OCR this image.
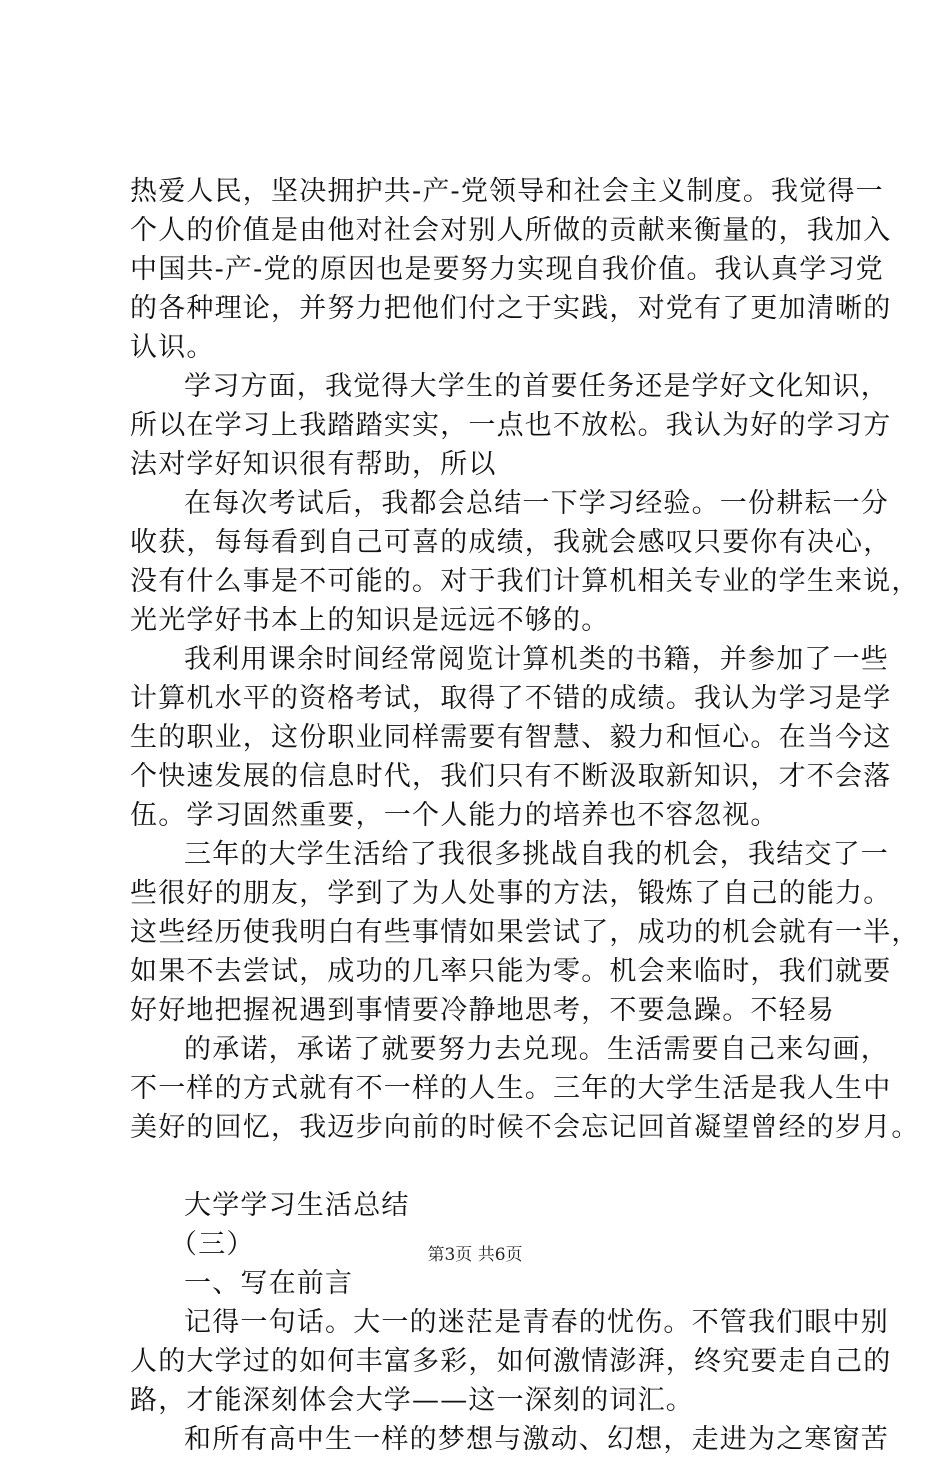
热爱人民，坚决拥护共-产-党领导和社会主义制度。我觉得一
个人的价值是由他对社会对别人所做的贡献来衡量的，我加入
中国共-产-党的原因也是要努力实现自我价值。我认真学习党
的各种理论，并努力把他们付之于实践，对党有了更加清晰的
认识。
学习方面，我觉得大学生的首要任务还是学好文化知识，
所以在学习上我踏踏实实，一点也不放松。我认为好的学习方
法对学好知识很有帮助，所以
在每次考试后，我都会总结一下学习经验。一份耕耘一分
收获，每每看到自己可喜的成绩，我就会感叹只要你有决心，
没有什么事是不可能的。对于我们计算机相关专业的学生来说，
光光学好书本上的知识是远远不够的。
我利用课余时间经常阅览计算机类的书籍，并参加了一些
计算机水平的资格考试，取得了不错的成绩。我认为学习是学
生的职业，这份职业同样需要有智慧、毅力和恒心。在当今这
个快速发展的信息时代，我们只有不断汲取新知识，才不会落
伍。学习固然重要，一个人能力的培养也不容忽视。
三年的大学生活给了我很多挑战自我的机会，我结交了一
些很好的朋友，学到了为人处事的方法，锻炼了自己的能力。
这些经历使我明白有些事情如果尝试了，成功的机会就有一半，
如果不去尝试，成功的几率只能为零。机会来临时，我们就要
好好地把握祝遇到事情要冷静地思考，不要急躁。不轻易
的承诺，承诺了就要努力去兑现。生活需要自己来勾画，
不一样的方式就有不一样的人生。三年的大学生活是我人生中
美好的回忆，我迈步向前的时候不会忘记回首凝望曾经的岁月。
大学学习生活总结
（三）
一、写在前言
记得一句话。大一的迷茫是青春的忧伤。不管我们眼中别
人的大学过的如何丰富多彩，如何激情澎湃，终究要走自己的
路，才能深刻体会大学——这一深刻的词汇。
和所有高中生一样的梦想与激动、幻想，走进为之寒窗苦
第3页 共6页
